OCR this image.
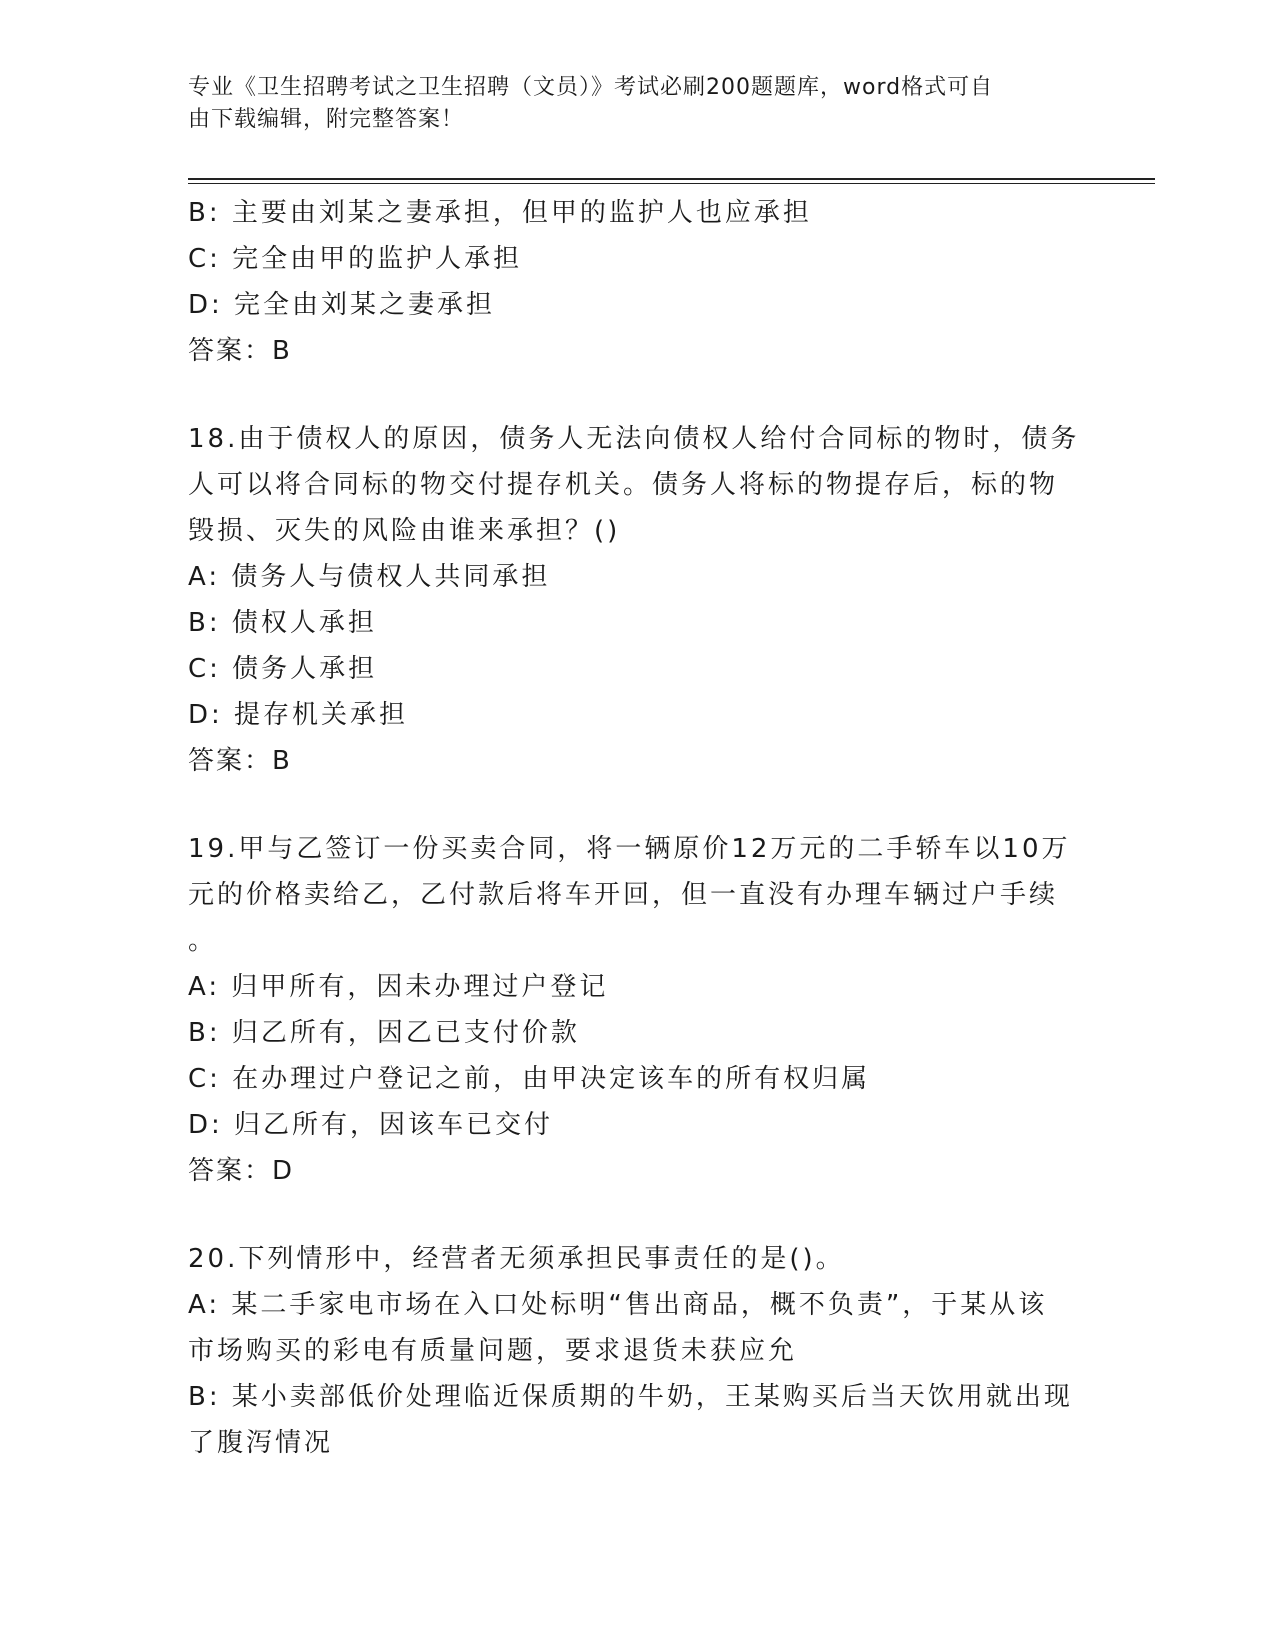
专业《卫生招聘考试之卫生招聘（文员）》考试必刷200题题库，word格式可自
由下载编辑，附完整答案！
B: 主要由刘某之妻承担，但甲的监护人也应承担
C: 完全由甲的监护人承担
D: 完全由刘某之妻承担
答案：B
18.由于债权人的原因，债务人无法向债权人给付合同标的物时，债务
人可以将合同标的物交付提存机关。债务人将标的物提存后，标的物
毁损、灭失的风险由谁来承担？()
A: 债务人与债权人共同承担
B: 债权人承担
C: 债务人承担
D: 提存机关承担
答案：B
19.甲与乙签订一份买卖合同，将一辆原价12万元的二手轿车以10万
元的价格卖给乙，乙付款后将车开回，但一直没有办理车辆过户手续
。
A: 归甲所有，因未办理过户登记
B: 归乙所有，因乙已支付价款
C: 在办理过户登记之前，由甲决定该车的所有权归属
D: 归乙所有，因该车已交付
答案：D
20.下列情形中，经营者无须承担民事责任的是()。
A: 某二手家电市场在入口处标明“售出商品，概不负责”，于某从该
市场购买的彩电有质量问题，要求退货未获应允
B: 某小卖部低价处理临近保质期的牛奶，王某购买后当天饮用就出现
了腹泻情况
